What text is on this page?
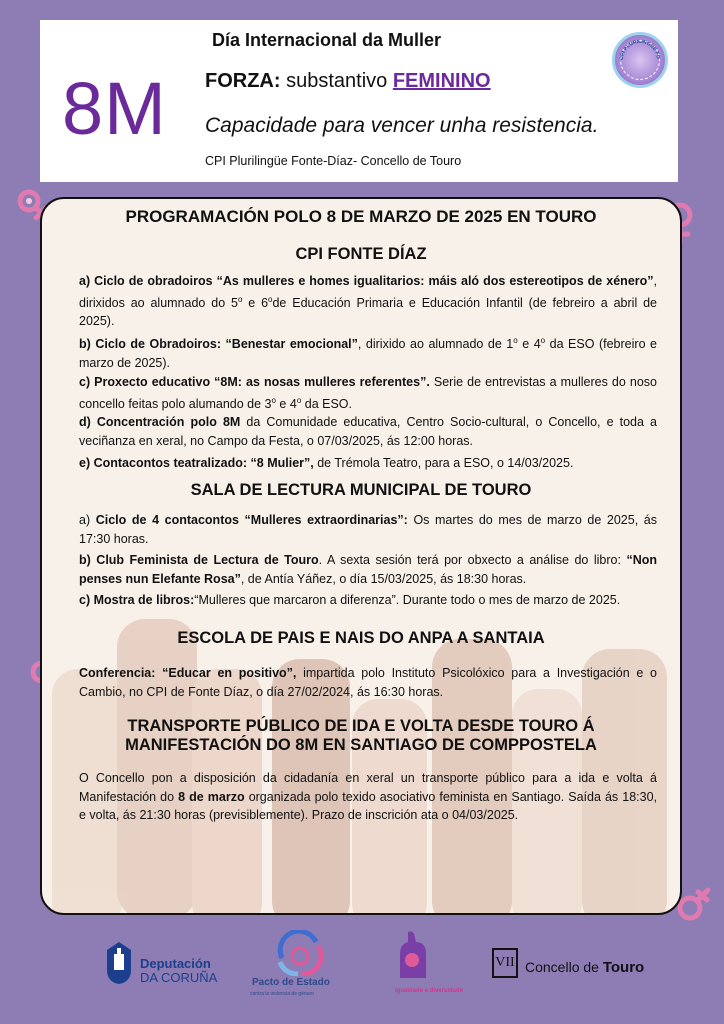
Día Internacional da Muller
8M FORZA: substantivo FEMININO
Capacidade para vencer unha resistencia.
CPI Plurilingüe Fonte-Díaz- Concello de Touro
CPI PLURILINGÜE FO
PROGRAMACIÓN POLO 8 DE MARZO DE 2025 EN TOURO
CPI FONTE DÍAZ
a) Ciclo de obradoiros “As mulleres e homes igualitarios: máis aló dos estereotipos de xénero”, dirixidos ao alumnado do 5$^o$ e 6$^o$de Educación Primaria e Educación Infantil (de febreiro a abril de 2025).
b) Ciclo de Obradoiros: “Benestar emocional”, dirixido ao alumnado de 1$^o$ e 4$^o$ da ESO (febreiro e marzo de 2025).
c) Proxecto educativo “8M: as nosas mulleres referentes”. Serie de entrevistas a mulleres do noso concello feitas polo alumando de 3$^o$ e 4$^o$ da ESO.
d) Concentración polo 8M da Comunidade educativa, Centro Socio-cultural, o Concello, e toda a veciñanza en xeral, no Campo da Festa, o 07/03/2025, ás 12:00 horas.
e) Contacontos teatralizado: “8 Mulier”, de Trémola Teatro, para a ESO, o 14/03/2025.
SALA DE LECTURA MUNICIPAL DE TOURO
a) Ciclo de 4 contacontos “Mulleres extraordinarias”: Os martes do mes de marzo de 2025, ás 17:30 horas.
b) Club Feminista de Lectura de Touro. A sexta sesión terá por obxecto a análise do libro: “Non penses nun Elefante Rosa”, de Antía Yáñez, o día 15/03/2025, ás 18:30 horas.
c) Mostra de libros:“Mulleres que marcaron a diferenza”. Durante todo o mes de marzo de 2025.
ESCOLA DE PAIS E NAIS DO ANPA A SANTAIA
Conferencia: “Educar en positivo”, impartida polo Instituto Psicolóxico para a Investigación e o Cambio, no CPI de Fonte Díaz, o día 27/02/2024, ás 16:30 horas.
TRANSPORTE PÚBLICO DE IDA E VOLTA DESDE TOURO Á
MANIFESTACIÓN DO 8M EN SANTIAGO DE COMPPOSTELA
O Concello pon a disposición da cidadanía en xeral un transporte público para a ida e volta á Manifestación do 8 de marzo organizada polo texido asociativo feminista en Santiago. Saída ás 18:30, e volta, ás 21:30 horas (previsiblemente). Prazo de inscrición ata o 04/03/2025.
Deputación
DA CORUÑA	Pacto de Estado
contra la violencia de género	igualdade e diversidade
VII Concello de Touro
